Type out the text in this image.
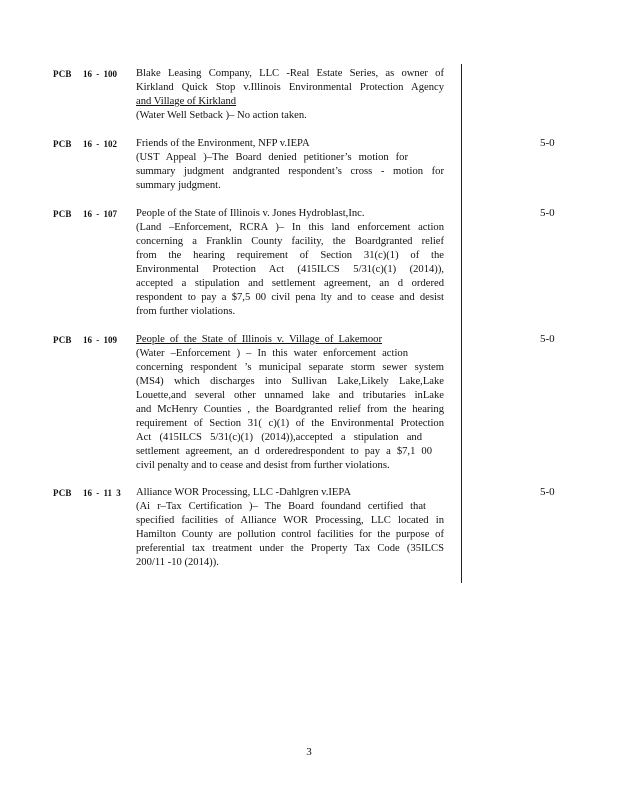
PCB 16 - 100 Blake Leasing Company, LLC -Real Estate Series, as owner of
Kirkland Quick Stop v.Illinois Environmental Protection Agency
and Village of Kirkland
(Water Well Setback )– No action taken.
PCB 16 - 102 Friends of the Environment, NFP v.IEPA
(UST Appeal )–The Board denied petitioner’s motion for
summary judgment andgranted respondent’s cross - motion for
summary judgment.
5-0
PCB 16 - 107 People of the State of Illinois v. Jones Hydroblast,Inc.
(Land –Enforcement, RCRA )– In this land enforcement action
concerning a Franklin County facility, the Boardgranted relief
from the hearing requirement of Section 31(c)(1) of the
Environmental Protection Act (415ILCS 5/31(c)(1) (2014)),
accepted a stipulation and settlement agreement, an d ordered
respondent to pay a $7,5 00 civil pena lty and to cease and desist
from further violations.
5-0
PCB 16 - 109 People of the State of Illinois v. Village of Lakemoor
(Water –Enforcement ) – In this water enforcement action
concerning respondent ’s municipal separate storm sewer system
(MS4) which discharges into Sullivan Lake,Likely Lake,Lake
Louette,and several other unnamed lake and tributaries inLake
and McHenry Counties , the Boardgranted relief from the hearing
requirement of Section 31( c)(1) of the Environmental Protection
Act (415ILCS 5/31(c)(1) (2014)),accepted a stipulation and
settlement agreement, an d orderedrespondent to pay a $7,1 00
civil penalty and to cease and desist from further violations.
5-0
PCB 16 - 11 3 Alliance WOR Processing, LLC -Dahlgren v.IEPA
(Ai r–Tax Certification )– The Board foundand certified that
specified facilities of Alliance WOR Processing, LLC located in
Hamilton County are pollution control facilities for the purpose of
preferential tax treatment under the Property Tax Code (35ILCS
200/11 -10 (2014)).
5-0
3
